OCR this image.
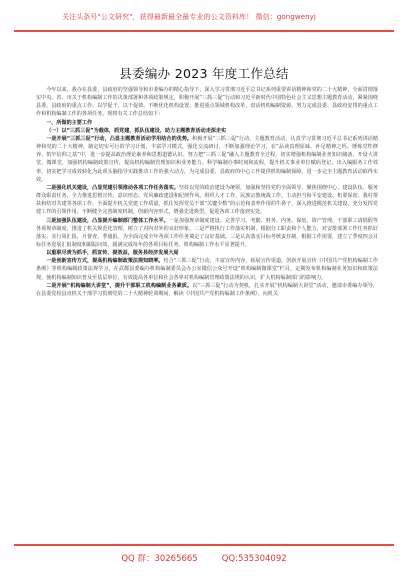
关注头条号"公文研究"，获得最新最全最专业的公文资料库！ 微信：gongwenyj
县委编办 2023 年度工作总结

今年以来，我办在县委、县政府的坚强领导和市委编办的精心指导下，深入学习贯彻习近平总书记系列重要讲话精神和党的二十大精神，全面贯彻落实中央、省、市关于机构编制工作的决策部署和各项政策规定，积极开展“三抓三促”行动和习近平新时代中国特色社会主义思想主题教育活动，紧紧围绕县委、县政府的重点工作，以学促干，以干促效，不断优化机构设置，推进重点领域机构改革，盘活机构编制资源，努力完成县委、县政府安排的重点工作和机构编制工作的各项任务。现将有关工作总结如下：

一、所做的主要工作

（一）以“三抓三促”为载体，抓党建、抓队伍建设，助力主题教育活动走深走实

一是开展“三抓三促”行动，凸显主题教育活动学用结合的优势。积极开展“三抓三促”行动，主题教育活动，认真学习贯彻习近平总书记系列讲话精神和党的二十大精神，制定切实可行的学习计划，丰富学习模式，强化交流研讨，不断加强理论学习，在“品读真理原味、补足精神之钙、锤炼党性修养、筑牢信仰之基”中，进一步提高政治理论素养和思想道德认识。努力把“三抓三促”融入主题教育全过程，切实增强机构编制业务知识储备，开设大讲堂、微课堂，加强机构编制政策宣传，提高机构编制管理知识和业务能力。科学编制办事时间和流程，提升机关事业单位赋码登记、出入编服务工作效率，切实把学习成效转化为此项头脑指导实践推动工作的强大动力，为完成县委、县政府的中心工作提供机构编制保障，进一步完全主题教育活动取得实效。

二是强化机关建设，凸显党建引领推动各项工作任务落实。坚持以党的政治建设为统领，加强和坚持党的全面领导，聚焦围绕中心、建设队伍、服务群众职责任务，全力推进思想宣传、意识形态、党风廉政建设和纪律作风、组织人才工作、民族宗教统战工作、主动担当和平安建设、机要保密、我村帮扶和结对共建等各项工作，全面提升机关党建工作质量。抓住发挥党员干部“关键少数”的示范和表率作用的牛鼻子，深入推进模范机关建设，充分发挥党建工作的引领作用，不断健全完善制度机制，创新内容形式，增强先进典型，促进各项工作落到实处。

三是加强队伍建设，凸显提升编制部门整体工作水平。一是加强规章制度建设。完善学习、考勤、财务、内务、保密、资产管理、干部职工请销假等各项规章制度，推进了机关规范化管理，树立了对内对外的良好形象。二是严格执行工作落实机制，根据分工职责和个人能力，对安排部署工作任务抓好落实，实行周汇报，月督查，季通报，为全面完成全年各项工作任务奠定了良好基础。三是认真落实目标考核责任制，根据工作需要，建立了季度四会目标任务进展汇报制度和跟踪问效，圆满完成每年的各项目标任务。机构编制工作水平显著提升。

以重职尽责为抓手，抓宣传、提效益，服务县经济发展大局

一是创新宣传方式，提高机构编制政策法规知晓率。结合“三抓三促”行动，丰富宣传内容，拓展宣传渠道，创新开展宣传《中国共产党机构编制工作条例》等机构编制政策法规学习，在武都县委编办机构编制委员会办公室微信公众号开设“机构编制微课堂”栏目，定期发布机构编制业务知识和政策法规，使机构编制知识普及至基层单位，有效提高各单位和社会各界对机构编制管理政策法规的认识，扩大机构编制部门的影响力。

二是开展“机构编制大讲堂”，提升干部职工机构编制业务素质。以“三抓三促”行动为契机，扎实开展“机构编制大讲堂”活动，邀请市委编办领导，在县委党校县直机关干部学习贯彻党的二十大精神轮训期间，解读《中国共产党机构编制工作条例》，向机关

QQ 群：30265665	QQ:535304092
